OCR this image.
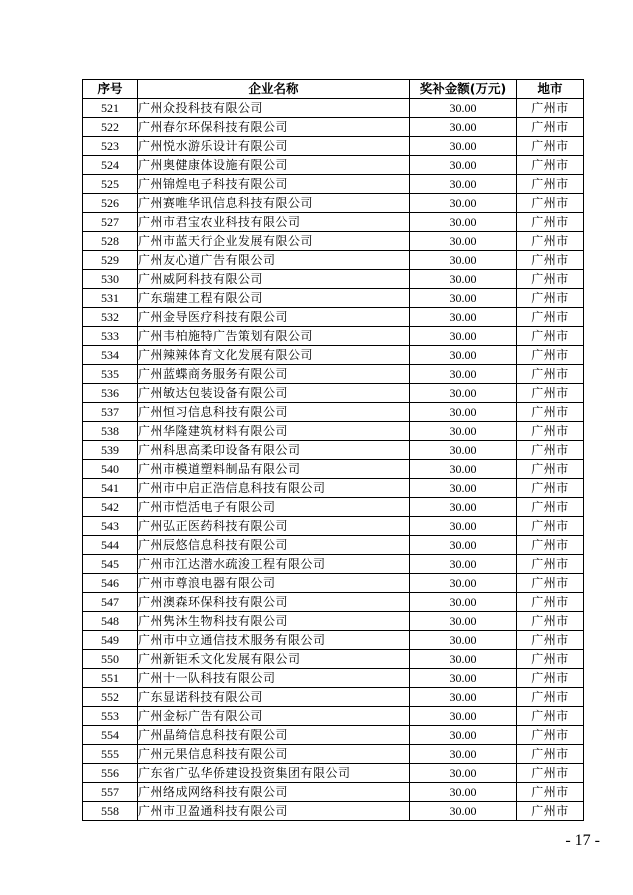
序号	企业名称	奖补金额(万元)	地市
521	广州众投科技有限公司	30.00	广州市
522	广州春尔环保科技有限公司	30.00	广州市
523	广州悦水游乐设计有限公司	30.00	广州市
524	广州奥健康体设施有限公司	30.00	广州市
525	广州锦煌电子科技有限公司	30.00	广州市
526	广州赛唯华讯信息科技有限公司	30.00	广州市
527	广州市君宝农业科技有限公司	30.00	广州市
528	广州市蓝天行企业发展有限公司	30.00	广州市
529	广州友心道广告有限公司	30.00	广州市
530	广州威阿科技有限公司	30.00	广州市
531	广东瑞建工程有限公司	30.00	广州市
532	广州金导医疗科技有限公司	30.00	广州市
533	广州韦柏施特广告策划有限公司	30.00	广州市
534	广州辣辣体育文化发展有限公司	30.00	广州市
535	广州蓝蝶商务服务有限公司	30.00	广州市
536	广州敏达包装设备有限公司	30.00	广州市
537	广州恒习信息科技有限公司	30.00	广州市
538	广州华隆建筑材料有限公司	30.00	广州市
539	广州科思高柔印设备有限公司	30.00	广州市
540	广州市模道塑料制品有限公司	30.00	广州市
541	广州市中启正浩信息科技有限公司	30.00	广州市
542	广州市恺活电子有限公司	30.00	广州市
543	广州弘正医药科技有限公司	30.00	广州市
544	广州辰悠信息科技有限公司	30.00	广州市
545	广州市江达潜水疏浚工程有限公司	30.00	广州市
546	广州市尊浪电器有限公司	30.00	广州市
547	广州澳森环保科技有限公司	30.00	广州市
548	广州隽沐生物科技有限公司	30.00	广州市
549	广州市中立通信技术服务有限公司	30.00	广州市
550	广州新钜禾文化发展有限公司	30.00	广州市
551	广州十一队科技有限公司	30.00	广州市
552	广东显诺科技有限公司	30.00	广州市
553	广州金标广告有限公司	30.00	广州市
554	广州晶绮信息科技有限公司	30.00	广州市
555	广州元果信息科技有限公司	30.00	广州市
556	广东省广弘华侨建设投资集团有限公司	30.00	广州市
557	广州络成网络科技有限公司	30.00	广州市
558	广州市卫盈通科技有限公司	30.00	广州市
- 17 -
